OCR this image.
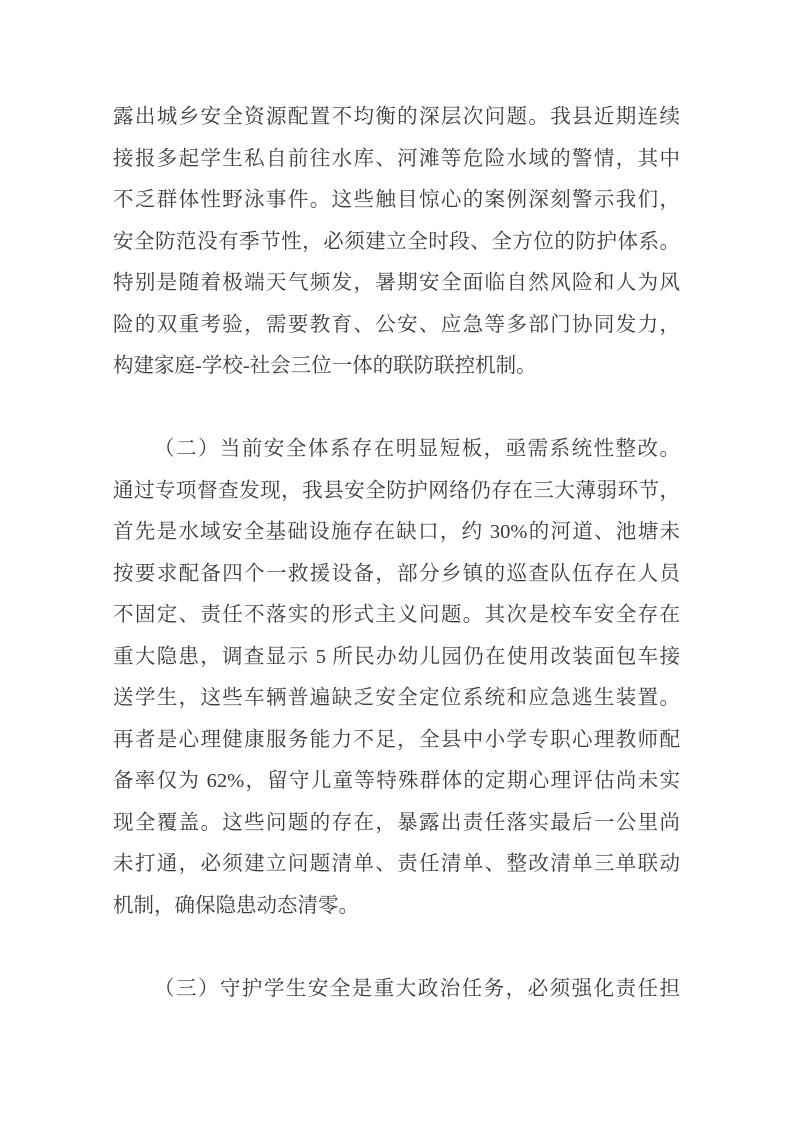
露出城乡安全资源配置不均衡的深层次问题。我县近期连续
接报多起学生私自前往水库、河滩等危险水域的警情，其中
不乏群体性野泳事件。这些触目惊心的案例深刻警示我们，
安全防范没有季节性，必须建立全时段、全方位的防护体系。
特别是随着极端天气频发，暑期安全面临自然风险和人为风
险的双重考验，需要教育、公安、应急等多部门协同发力，
构建家庭-学校-社会三位一体的联防联控机制。
（二）当前安全体系存在明显短板，亟需系统性整改。
通过专项督查发现，我县安全防护网络仍存在三大薄弱环节，
首先是水域安全基础设施存在缺口，约 30%的河道、池塘未
按要求配备四个一救援设备，部分乡镇的巡查队伍存在人员
不固定、责任不落实的形式主义问题。其次是校车安全存在
重大隐患，调查显示 5 所民办幼儿园仍在使用改装面包车接
送学生，这些车辆普遍缺乏安全定位系统和应急逃生装置。
再者是心理健康服务能力不足，全县中小学专职心理教师配
备率仅为 62%，留守儿童等特殊群体的定期心理评估尚未实
现全覆盖。这些问题的存在，暴露出责任落实最后一公里尚
未打通，必须建立问题清单、责任清单、整改清单三单联动
机制，确保隐患动态清零。
（三）守护学生安全是重大政治任务，必须强化责任担
